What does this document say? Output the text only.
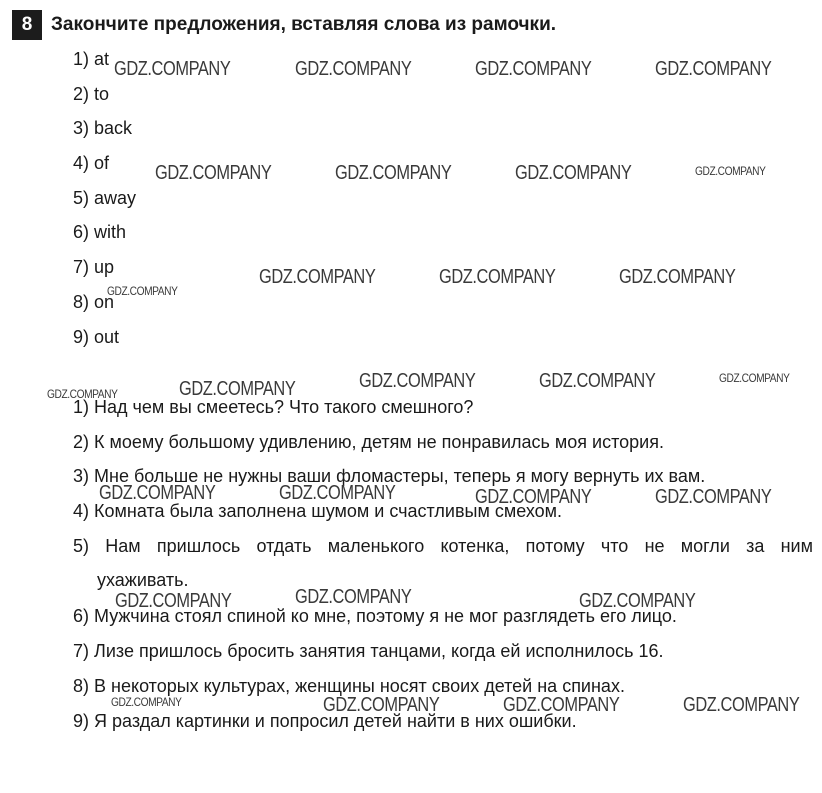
8 Закончите предложения, вставляя слова из рамочки.
1) at
2) to
3) back
4) of
5) away
6) with
7) up
8) on
9) out
1) Над чем вы смеетесь? Что такого смешного?
2) К моему большому удивлению, детям не понравилась моя история.
3) Мне больше не нужны ваши фломастеры, теперь я могу вернуть их вам.
4) Комната была заполнена шумом и счастливым смехом.
5) Нам пришлось отдать маленького котенка, потому что не могли за ним
ухаживать.
6) Мужчина стоял спиной ко мне, поэтому я не мог разглядеть его лицо.
7) Лизе пришлось бросить занятия танцами, когда ей исполнилось 16.
8) В некоторых культурах, женщины носят своих детей на спинах.
9) Я раздал картинки и попросил детей найти в них ошибки.
GDZ.COMPANY	GDZ.COMPANY	GDZ.COMPANY	GDZ.COMPANY
GDZ.COMPANY	GDZ.COMPANY	GDZ.COMPANY	GDZ.COMPANY
GDZ.COMPANY	GDZ.COMPANY	GDZ.COMPANY
GDZ.COMPANY
GDZ.COMPANY	GDZ.COMPANY	GDZ.COMPANY	GDZ.COMPANY	GDZ.COMPANY
GDZ.COMPANY	GDZ.COMPANY	GDZ.COMPANY	GDZ.COMPANY
GDZ.COMPANY	GDZ.COMPANY	GDZ.COMPANY
GDZ.COMPANY	GDZ.COMPANY	GDZ.COMPANY	GDZ.COMPANY
